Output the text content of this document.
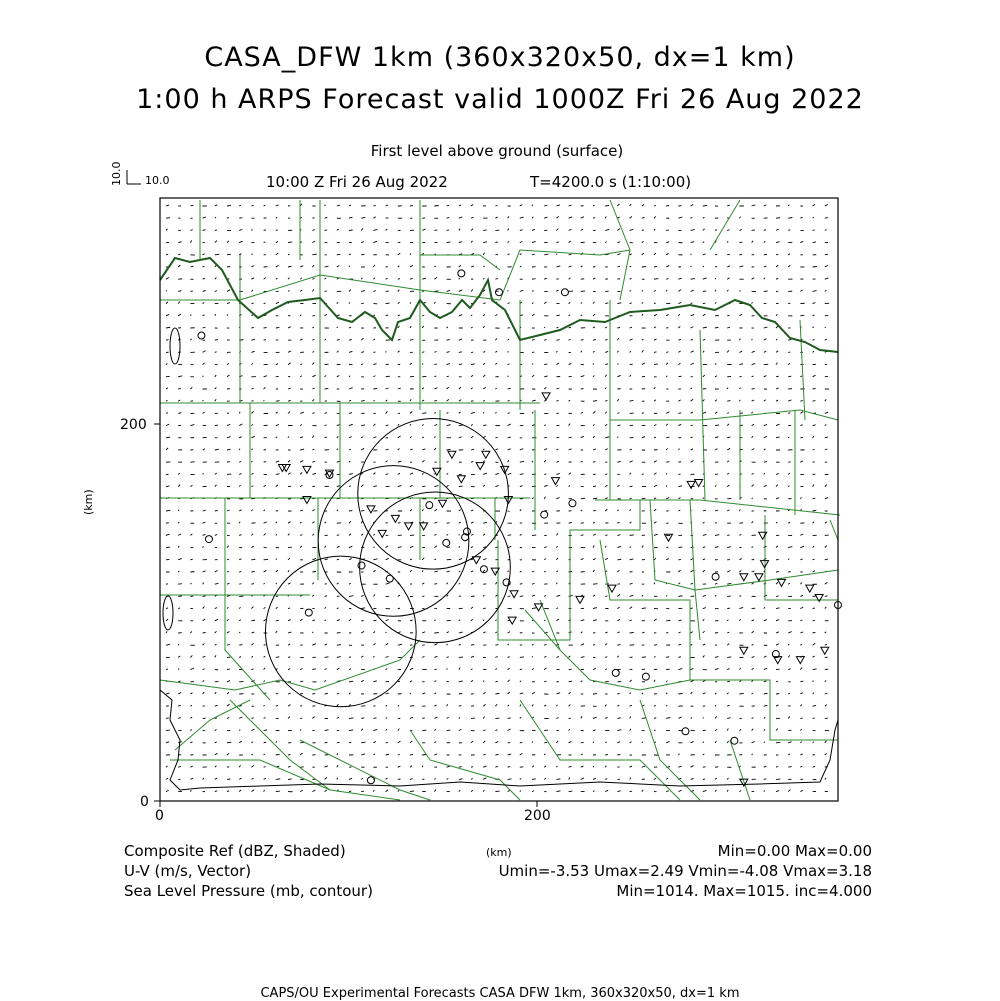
CASA_DFW 1km (360x320x50, dx=1 km)
1:00 h ARPS Forecast valid 1000Z Fri 26 Aug 2022
First level above ground (surface)
10:00 Z Fri 26 Aug 2022	T=4200.0 s (1:10:00)
10.0 10.0
0	200
0
200
(km)
(km)
Composite Ref (dBZ, Shaded)	Min=0.00 Max=0.00
U-V (m/s, Vector)	Umin=-3.53 Umax=2.49 Vmin=-4.08 Vmax=3.18
Sea Level Pressure (mb, contour)	Min=1014. Max=1015. inc=4.000
CAPS/OU Experimental Forecasts CASA DFW 1km, 360x320x50, dx=1 km
